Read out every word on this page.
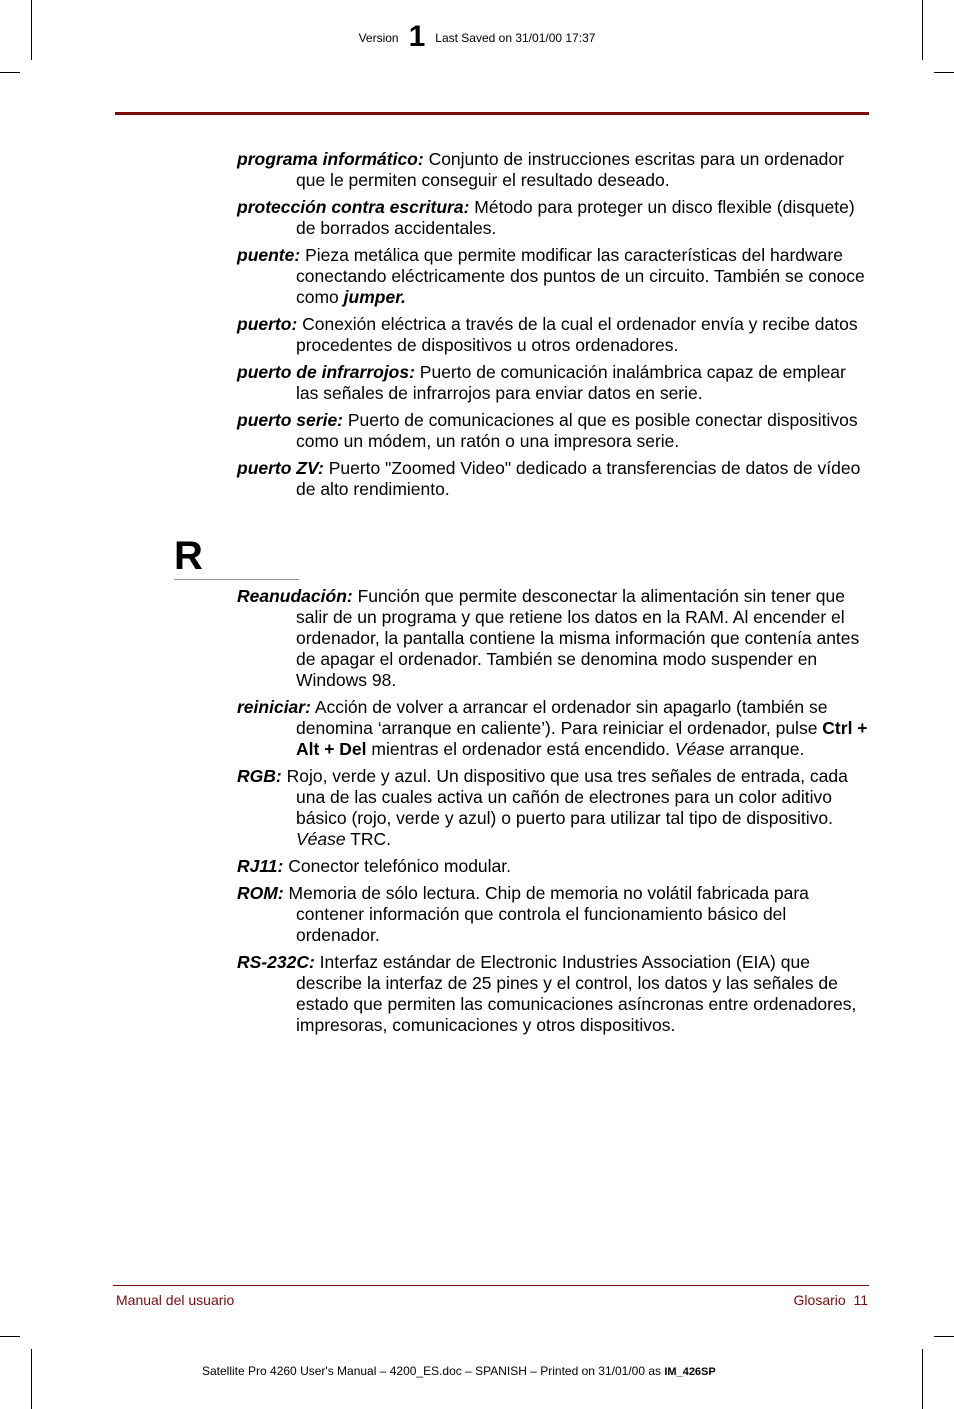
Version 1 Last Saved on 31/01/00 17:37

programa informático: Conjunto de instrucciones escritas para un ordenador que le permiten conseguir el resultado deseado.

protección contra escritura: Método para proteger un disco flexible (disquete) de borrados accidentales.

puente: Pieza metálica que permite modificar las características del hardware conectando eléctricamente dos puntos de un circuito. También se conoce como jumper.

puerto: Conexión eléctrica a través de la cual el ordenador envía y recibe datos procedentes de dispositivos u otros ordenadores.

puerto de infrarrojos: Puerto de comunicación inalámbrica capaz de emplear las señales de infrarrojos para enviar datos en serie.

puerto serie: Puerto de comunicaciones al que es posible conectar dispositivos como un módem, un ratón o una impresora serie.

puerto ZV: Puerto "Zoomed Video" dedicado a transferencias de datos de vídeo de alto rendimiento.

R

Reanudación: Función que permite desconectar la alimentación sin tener que salir de un programa y que retiene los datos en la RAM. Al encender el ordenador, la pantalla contiene la misma información que contenía antes de apagar el ordenador. También se denomina modo suspender en Windows 98.

reiniciar: Acción de volver a arrancar el ordenador sin apagarlo (también se denomina ‘arranque en caliente’). Para reiniciar el ordenador, pulse Ctrl + Alt + Del mientras el ordenador está encendido. Véase arranque.

RGB: Rojo, verde y azul. Un dispositivo que usa tres señales de entrada, cada una de las cuales activa un cañón de electrones para un color aditivo básico (rojo, verde y azul) o puerto para utilizar tal tipo de dispositivo. Véase TRC.

RJ11: Conector telefónico modular.

ROM: Memoria de sólo lectura. Chip de memoria no volátil fabricada para contener información que controla el funcionamiento básico del ordenador.

RS-232C: Interfaz estándar de Electronic Industries Association (EIA) que describe la interfaz de 25 pines y el control, los datos y las señales de estado que permiten las comunicaciones asíncronas entre ordenadores, impresoras, comunicaciones y otros dispositivos.

Manual del usuario	Glosario  11
Satellite Pro 4260 User's Manual – 4200_ES.doc – SPANISH – Printed on 31/01/00 as IM_426SP
